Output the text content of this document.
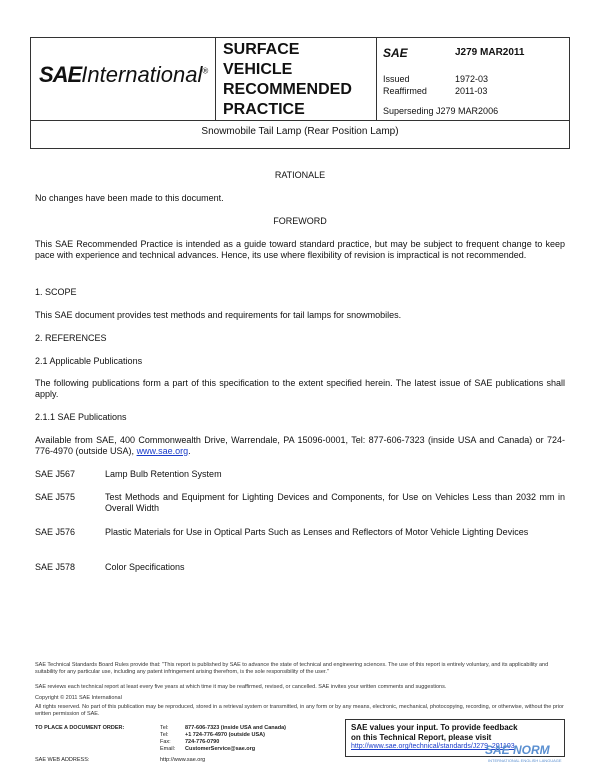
SAEInternational®
SURFACE
VEHICLE
RECOMMENDED
PRACTICE
SAE	J279 MAR2011
Issued	1972-03
Reaffirmed	2011-03
Superseding J279 MAR2006
Snowmobile Tail Lamp (Rear Position Lamp)
RATIONALE
No changes have been made to this document.
FOREWORD
This SAE Recommended Practice is intended as a guide toward standard practice, but may be subject to frequent change to keep pace with experience and technical advances. Hence, its use where flexibility of revision is impractical is not recommended.
1. SCOPE
This SAE document provides test methods and requirements for tail lamps for snowmobiles.
2. REFERENCES
2.1 Applicable Publications
The following publications form a part of this specification to the extent specified herein. The latest issue of SAE publications shall apply.
2.1.1 SAE Publications
Available from SAE, 400 Commonwealth Drive, Warrendale, PA 15096-0001, Tel: 877-606-7323 (inside USA and Canada) or 724-776-4970 (outside USA), www.sae.org.
SAE J567	Lamp Bulb Retention System
SAE J575	Test Methods and Equipment for Lighting Devices and Components, for Use on Vehicles Less than 2032 mm in Overall Width
SAE J576	Plastic Materials for Use in Optical Parts Such as Lenses and Reflectors of Motor Vehicle Lighting Devices
SAE J578	Color Specifications
SAE Technical Standards Board Rules provide that: "This report is published by SAE to advance the state of technical and engineering sciences. The use of this report is entirely voluntary, and its applicability and suitability for any particular use, including any patent infringement arising therefrom, is the sole responsibility of the user."
SAE reviews each technical report at least every five years at which time it may be reaffirmed, revised, or cancelled. SAE invites your written comments and suggestions.
Copyright © 2011 SAE International
All rights reserved. No part of this publication may be reproduced, stored in a retrieval system or transmitted, in any form or by any means, electronic, mechanical, photocopying, recording, or otherwise, without the prior written permission of SAE.
TO PLACE A DOCUMENT ORDER:	Tel:	877-606-7323 (inside USA and Canada)
Tel:	+1 724-776-4970 (outside USA)
Fax:	724-776-0790
Email: CustomerService@sae.org
SAE WEB ADDRESS:	http://www.sae.org
SAE values your input. To provide feedback
on this Technical Report, please visit
http://www.sae.org/technical/standards/J279_201103
SAE NORM
INTERNATIONAL ENGLISH LANGUAGE
